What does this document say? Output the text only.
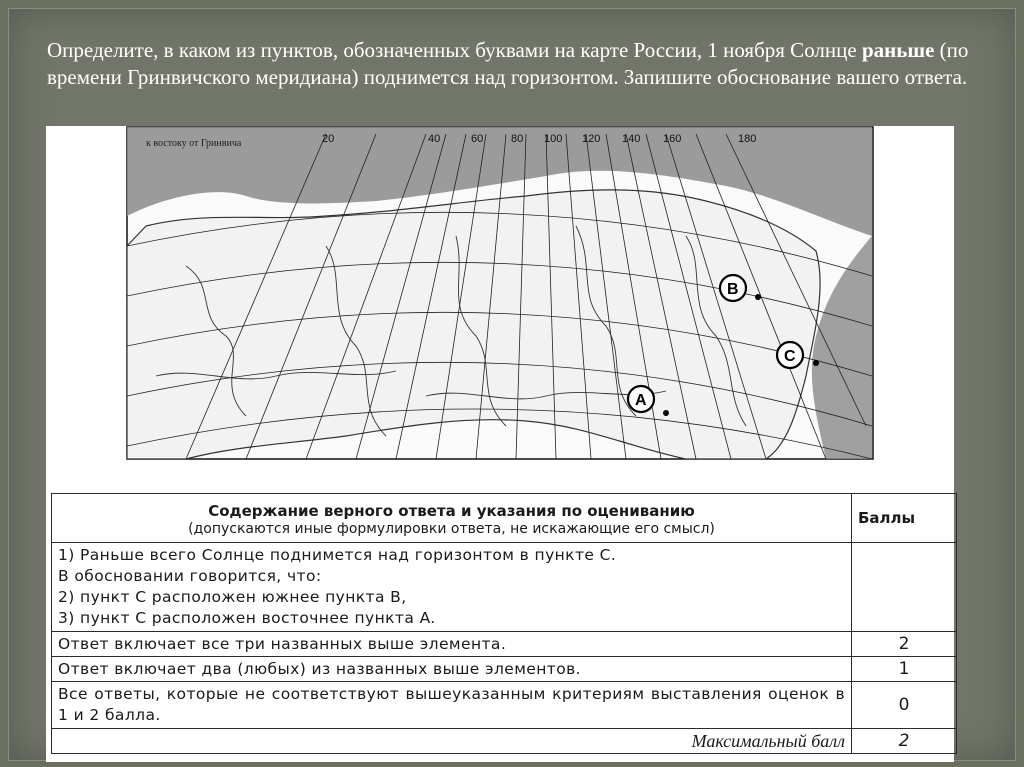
Определите, в каком из пунктов, обозначенных буквами на карте России, 1 ноября Солнце раньше (по времени Гринвичского меридиана) поднимется над горизонтом. Запишите обоснование вашего ответа.
к востоку от Гринвича	20	40	60	80 100 120 140 160	180
B
C
A
Содержание верного ответа и указания по оцениванию
(допускаются иные формулировки ответа, не искажающие его смысл)	Баллы

1) Раньше всего Солнце поднимется над горизонтом в пункте C.
В обосновании говорится, что:
2) пункт C расположен южнее пункта B,
3) пункт C расположен восточнее пункта A.	

Ответ включает все три названных выше элемента.	2
Ответ включает два (любых) из названных выше элементов.	1
Все ответы, которые не соответствуют вышеуказанным критериям выставления оценок в 1 и 2 балла.	0
Максимальный балл	2
